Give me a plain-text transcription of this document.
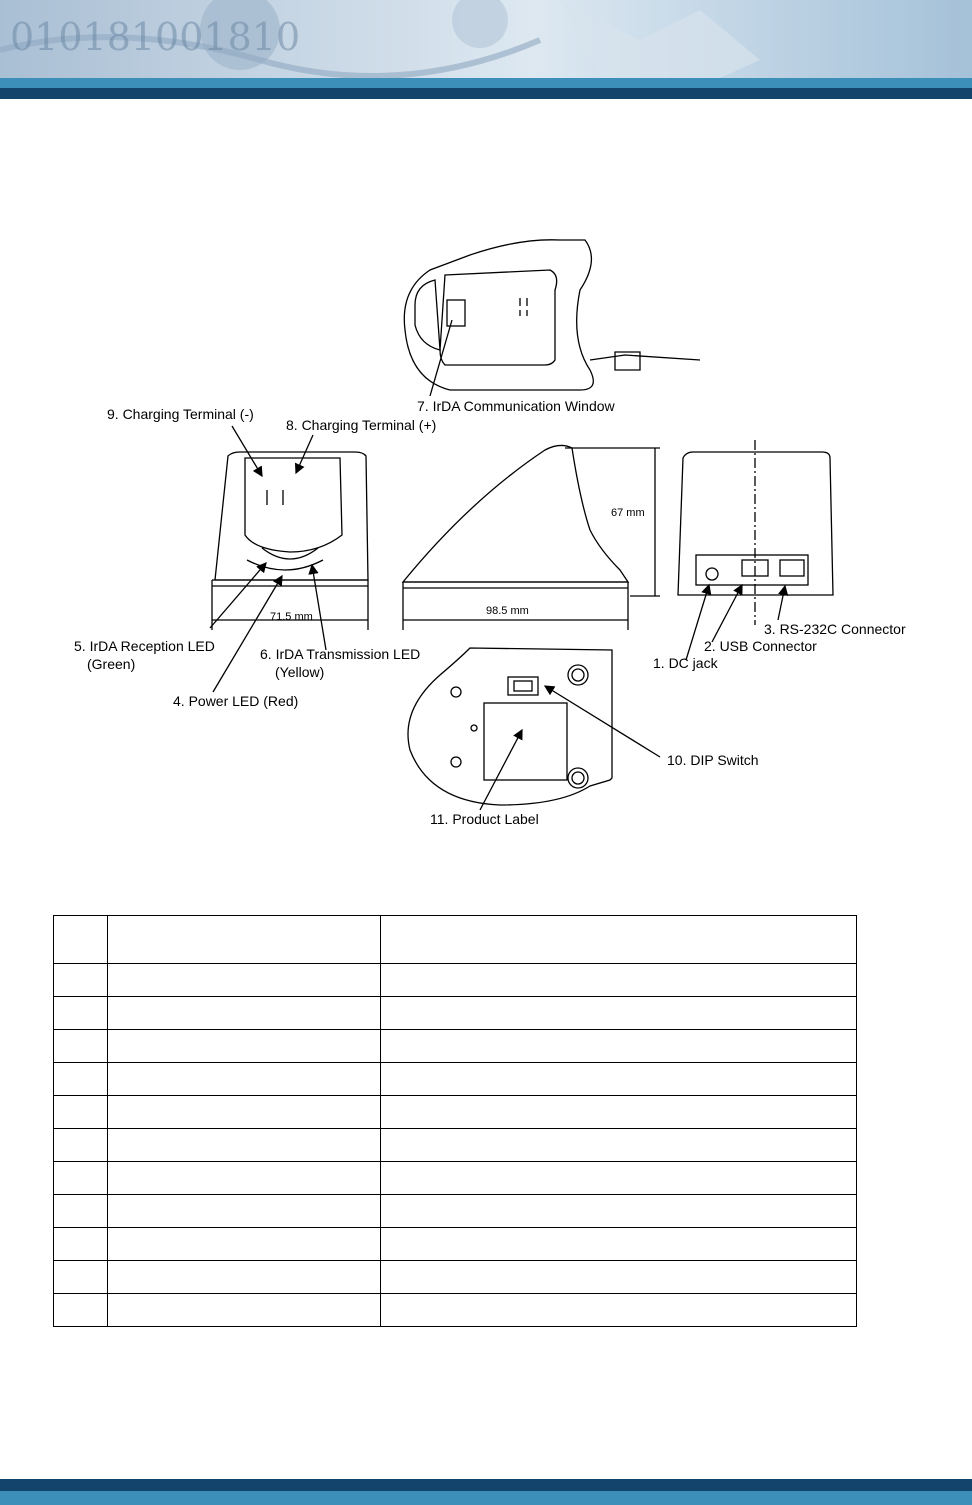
010181001810
71.5 mm	98.5 mm
67 mm
7. IrDA Communication Window
9. Charging Terminal (-)
8. Charging Terminal (+)
5. IrDA Reception LED
(Green)
6. IrDA Transmission LED
(Yellow)
4. Power LED (Red)
1. DC jack
2. USB Connector
3. RS-232C Connector
10. DIP Switch
11. Product Label
